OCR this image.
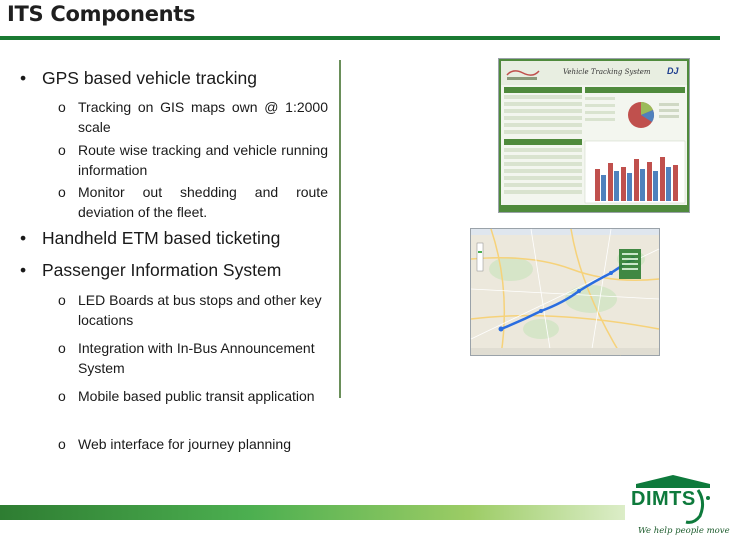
ITS Components
• GPS based vehicle tracking
o Tracking on GIS maps own @ 1:2000 scale
o Route wise tracking and vehicle running information
o Monitor out shedding and route deviation of the fleet.
• Handheld ETM based ticketing
• Passenger Information System
o LED Boards at bus stops and other key locations
o Integration with In-Bus Announcement System
o Mobile based public transit application
o Web interface for journey planning
Vehicle Tracking System DJ
DIMTS
We help people move
